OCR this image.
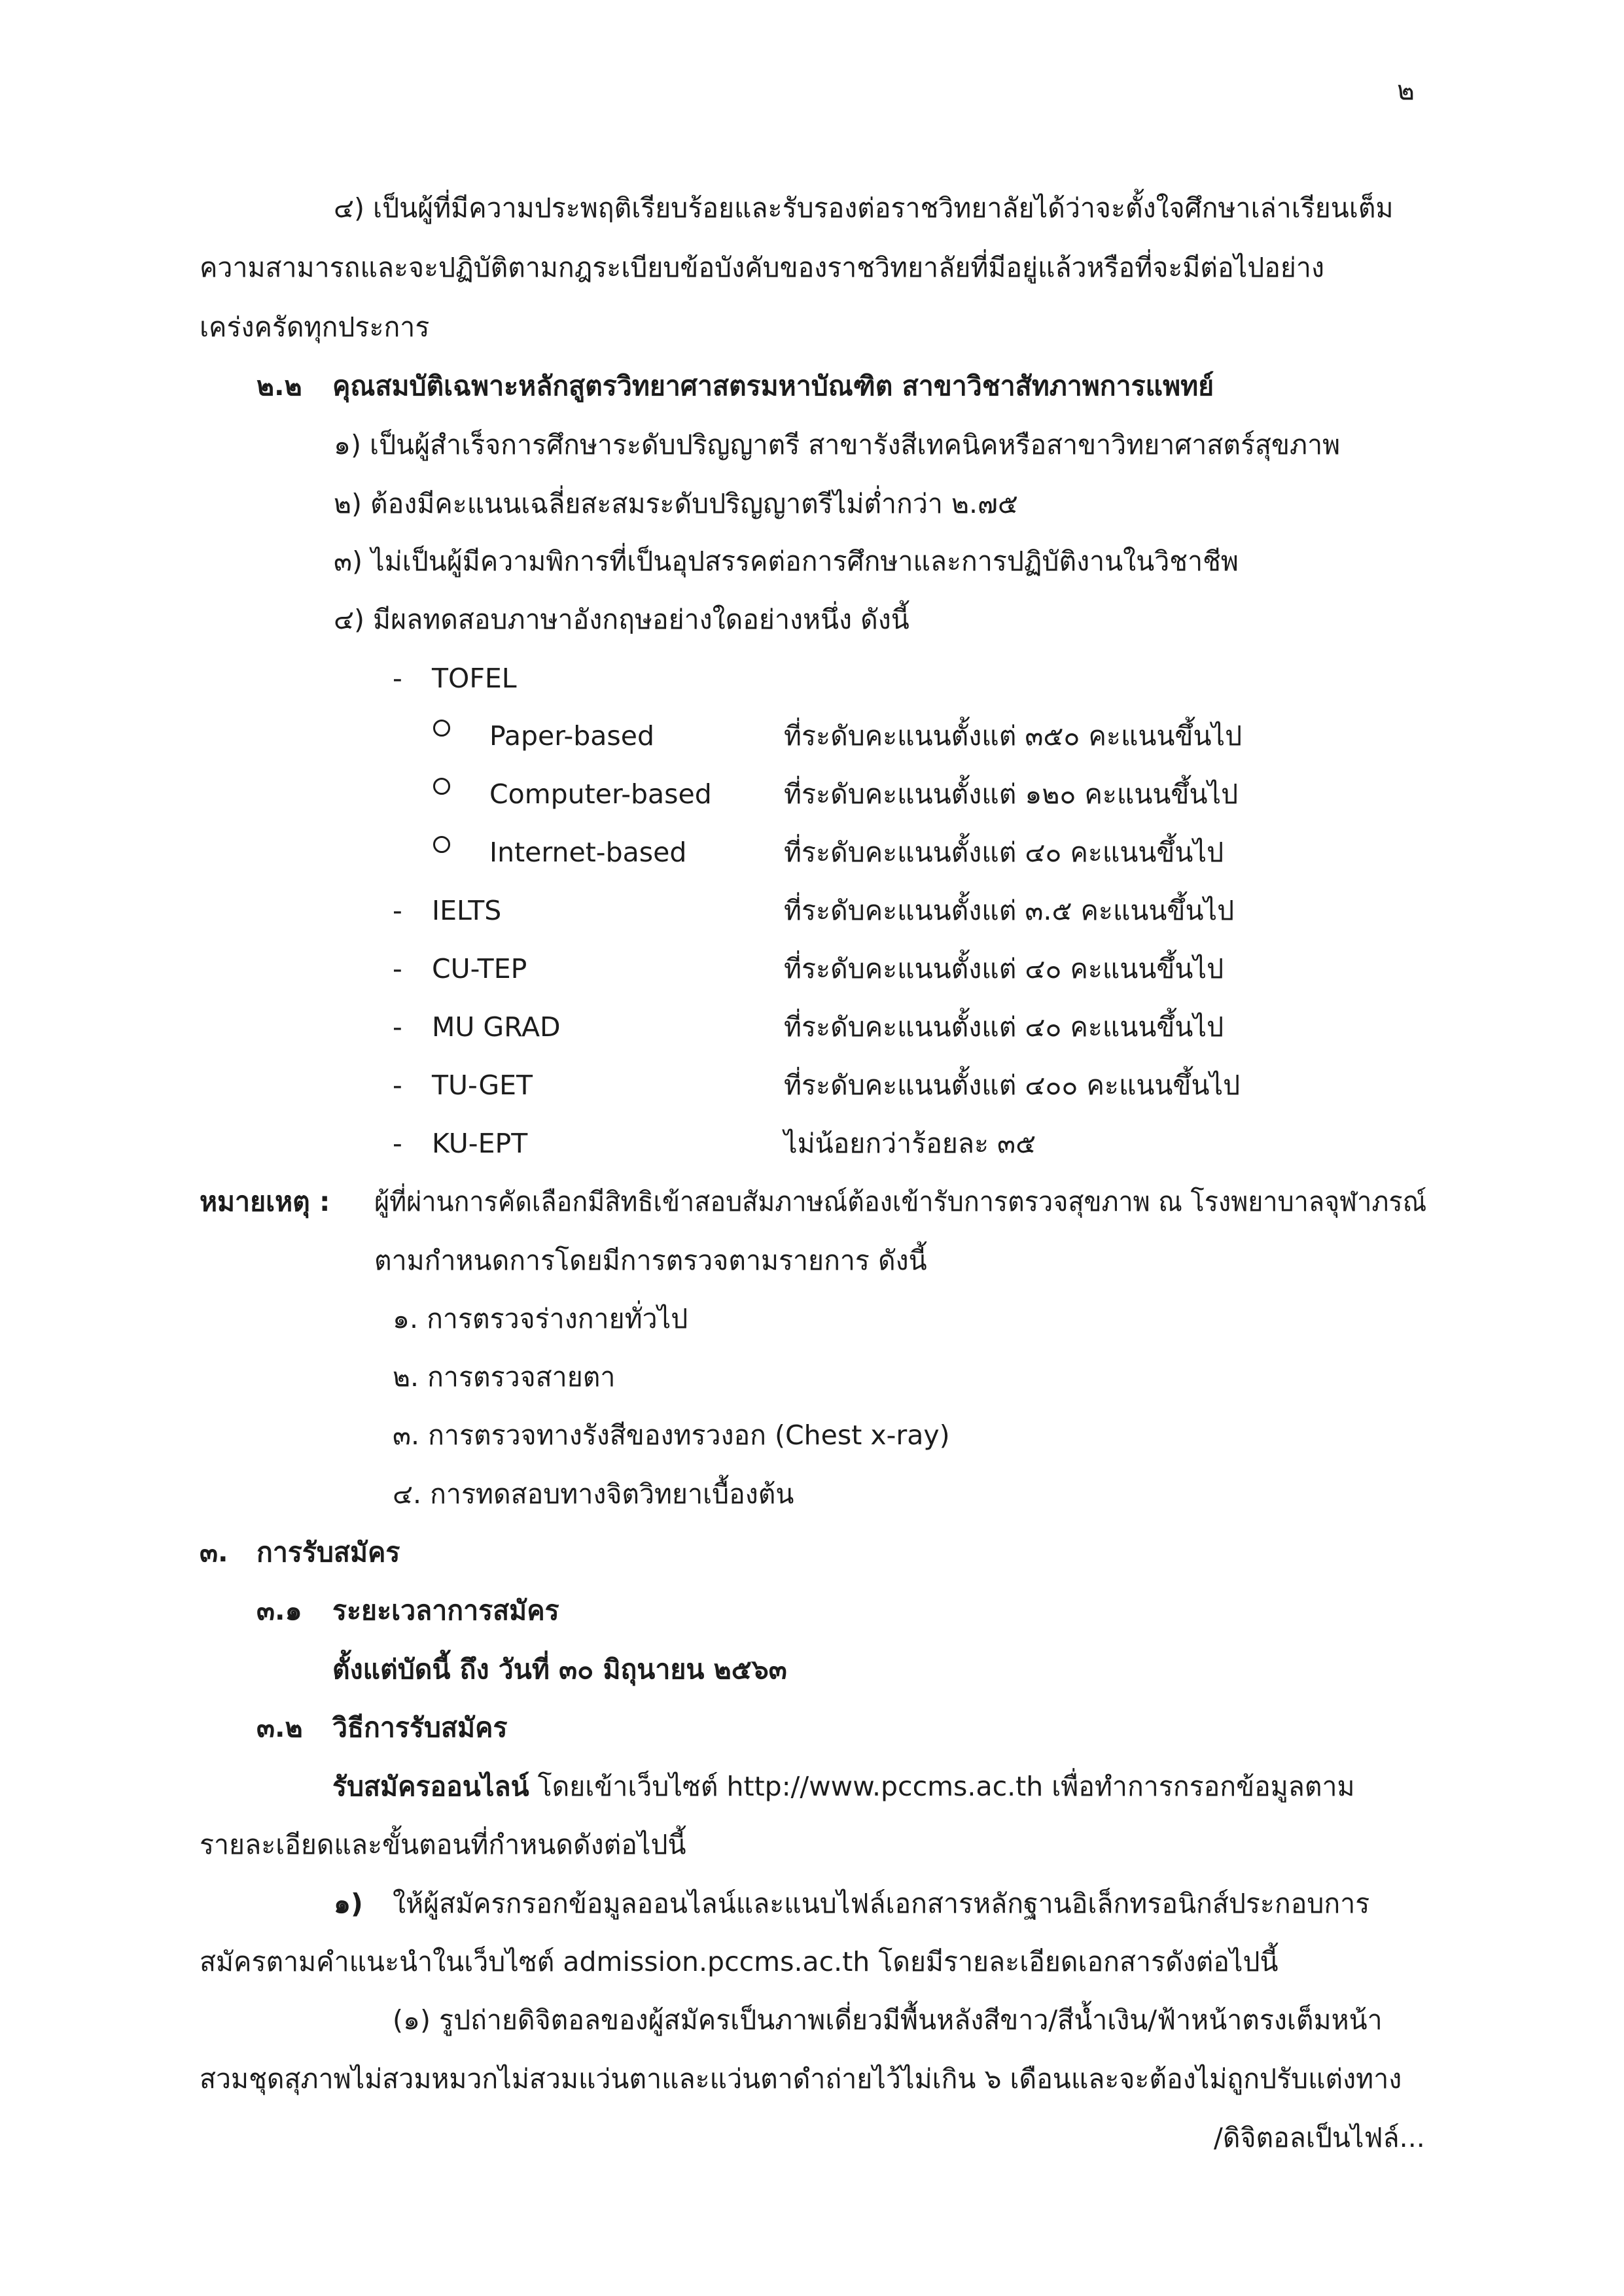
๒
๔) เป็นผู้ที่มีความประพฤติเรียบร้อยและรับรองต่อราชวิทยาลัยได้ว่าจะตั้งใจศึกษาเล่าเรียนเต็ม
ความสามารถและจะปฏิบัติตามกฎระเบียบข้อบังคับของราชวิทยาลัยที่มีอยู่แล้วหรือที่จะมีต่อไปอย่าง
เคร่งครัดทุกประการ
๒.๒ คุณสมบัติเฉพาะหลักสูตรวิทยาศาสตรมหาบัณฑิต สาขาวิชาสัทภาพการแพทย์
๑) เป็นผู้สำเร็จการศึกษาระดับปริญญาตรี สาขารังสีเทคนิคหรือสาขาวิทยาศาสตร์สุขภาพ
๒) ต้องมีคะแนนเฉลี่ยสะสมระดับปริญญาตรีไม่ต่ำกว่า ๒.๗๕
๓) ไม่เป็นผู้มีความพิการที่เป็นอุปสรรคต่อการศึกษาและการปฏิบัติงานในวิชาชีพ
๔) มีผลทดสอบภาษาอังกฤษอย่างใดอย่างหนึ่ง ดังนี้
- TOFEL
Paper-based	ที่ระดับคะแนนตั้งแต่ ๓๕๐ คะแนนขึ้นไป
Computer-based	ที่ระดับคะแนนตั้งแต่ ๑๒๐ คะแนนขึ้นไป
Internet-based	ที่ระดับคะแนนตั้งแต่ ๔๐ คะแนนขึ้นไป
- IELTS	ที่ระดับคะแนนตั้งแต่ ๓.๕ คะแนนขึ้นไป
- CU-TEP	ที่ระดับคะแนนตั้งแต่ ๔๐ คะแนนขึ้นไป
- MU GRAD	ที่ระดับคะแนนตั้งแต่ ๔๐ คะแนนขึ้นไป
- TU-GET	ที่ระดับคะแนนตั้งแต่ ๔๐๐ คะแนนขึ้นไป
- KU-EPT	ไม่น้อยกว่าร้อยละ ๓๕
หมายเหตุ : ผู้ที่ผ่านการคัดเลือกมีสิทธิเข้าสอบสัมภาษณ์ต้องเข้ารับการตรวจสุขภาพ ณ โรงพยาบาลจุฬาภรณ์
ตามกำหนดการโดยมีการตรวจตามรายการ ดังนี้
๑. การตรวจร่างกายทั่วไป
๒. การตรวจสายตา
๓. การตรวจทางรังสีของทรวงอก (Chest x-ray)
๔. การทดสอบทางจิตวิทยาเบื้องต้น
๓. การรับสมัคร
๓.๑ ระยะเวลาการสมัคร
ตั้งแต่บัดนี้ ถึง วันที่ ๓๐ มิถุนายน ๒๕๖๓
๓.๒ วิธีการรับสมัคร
รับสมัครออนไลน์ โดยเข้าเว็บไซต์ http://www.pccms.ac.th เพื่อทำการกรอกข้อมูลตาม
รายละเอียดและขั้นตอนที่กำหนดดังต่อไปนี้
๑) ให้ผู้สมัครกรอกข้อมูลออนไลน์และแนบไฟล์เอกสารหลักฐานอิเล็กทรอนิกส์ประกอบการ
สมัครตามคำแนะนำในเว็บไซต์ admission.pccms.ac.th โดยมีรายละเอียดเอกสารดังต่อไปนี้
(๑) รูปถ่ายดิจิตอลของผู้สมัครเป็นภาพเดี่ยวมีพื้นหลังสีขาว/สีน้ำเงิน/ฟ้าหน้าตรงเต็มหน้า
สวมชุดสุภาพไม่สวมหมวกไม่สวมแว่นตาและแว่นตาดำถ่ายไว้ไม่เกิน ๖ เดือนและจะต้องไม่ถูกปรับแต่งทาง
/ดิจิตอลเป็นไฟล์...
